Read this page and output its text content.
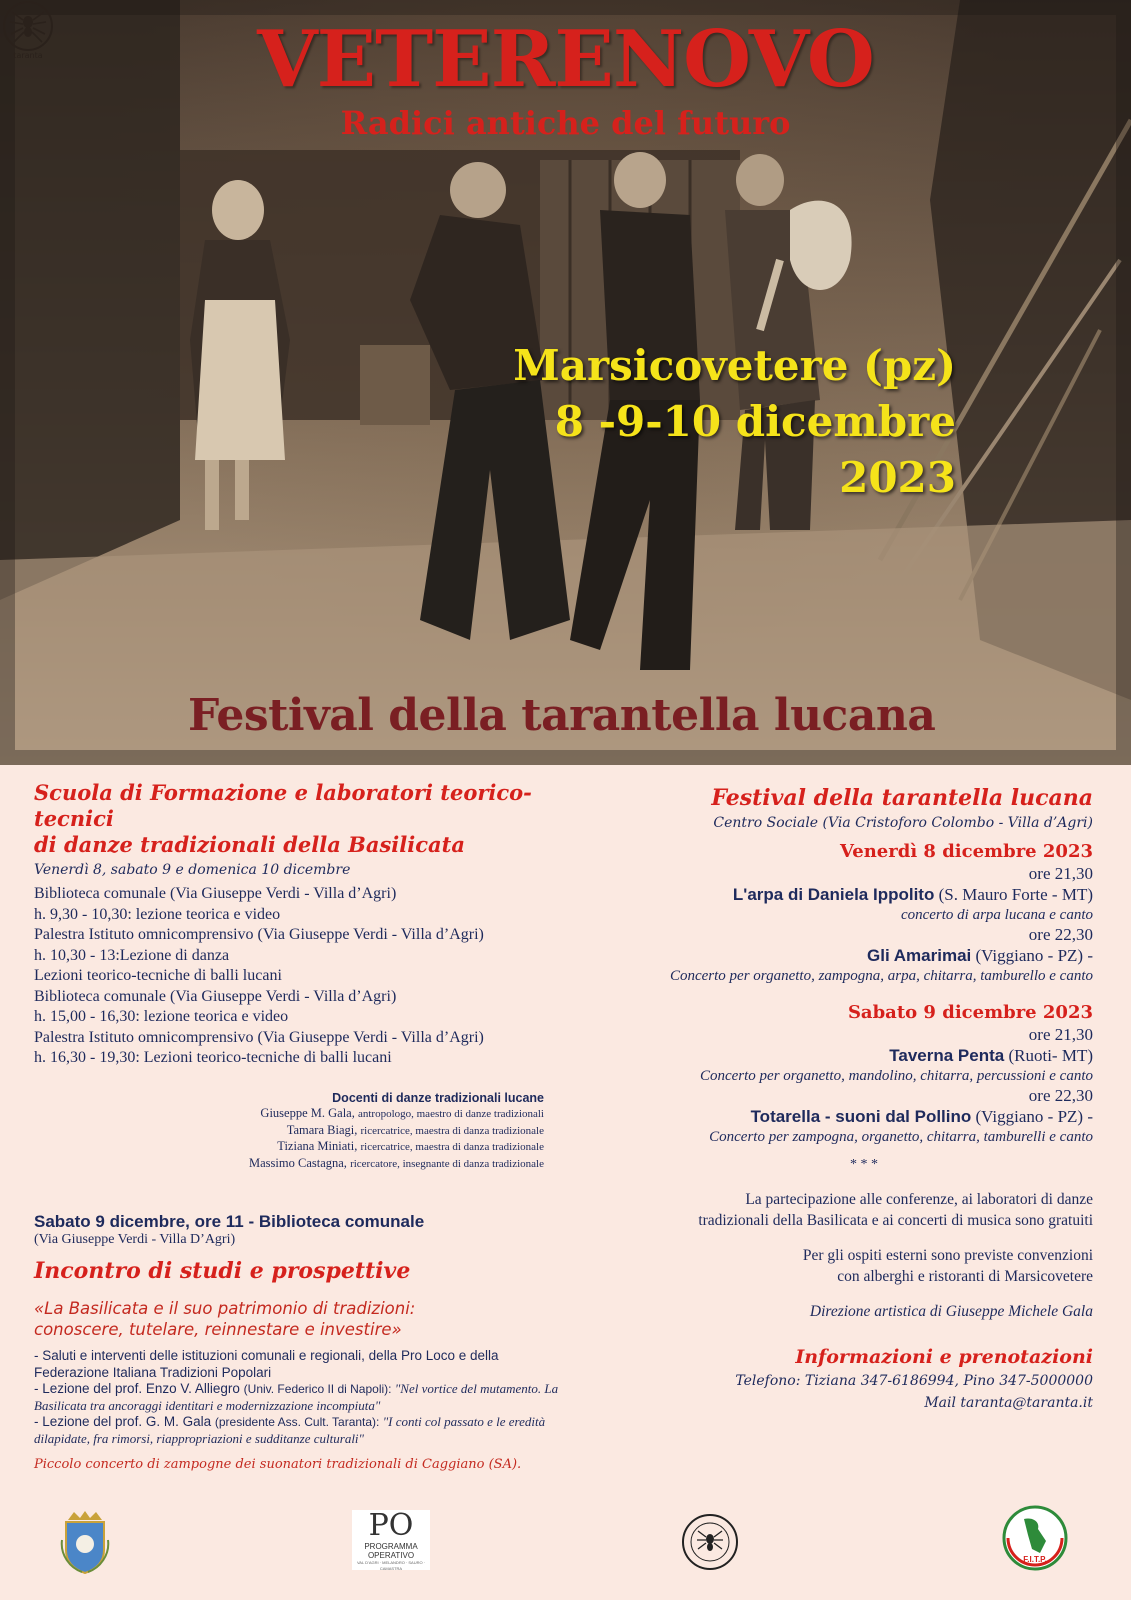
VETERENOVO
Radici antiche del futuro
Marsicovetere (pz)
8 -9-10 dicembre 2023
taranta
Festival della tarantella lucana

Scuola di Formazione e laboratori teorico-tecnici

di danze tradizionali della Basilicata

Venerdì 8, sabato 9 e domenica 10 dicembre

Biblioteca comunale (Via Giuseppe Verdi - Villa d’Agri)

h. 9,30 - 10,30: lezione teorica e video

Palestra Istituto omnicomprensivo (Via Giuseppe Verdi - Villa d’Agri)

h. 10,30 - 13:Lezione di danza

Lezioni teorico-tecniche di balli lucani

Biblioteca comunale (Via Giuseppe Verdi - Villa d’Agri)

h. 15,00 - 16,30: lezione teorica e video

Palestra Istituto omnicomprensivo (Via Giuseppe Verdi - Villa d’Agri)

h. 16,30 - 19,30: Lezioni teorico-tecniche di balli lucani

Docenti di danze tradizionali lucane
Giuseppe M. Gala, antropologo, maestro di danze tradizionali
Tamara Biagi, ricercatrice, maestra di danza tradizionale
Tiziana Miniati, ricercatrice, maestra di danza tradizionale
Massimo Castagna, ricercatore, insegnante di danza tradizionale
Sabato 9 dicembre, ore 11 - Biblioteca comunale

(Via Giuseppe Verdi - Villa D’Agri)

Incontro di studi e prospettive

«La Basilicata e il suo patrimonio di tradizioni:
conoscere, tutelare, reinnestare e investire»

- Saluti e interventi delle istituzioni comunali e regionali, della Pro Loco e della Federazione Italiana Tradizioni Popolari

- Lezione del prof. Enzo V. Alliegro (Univ. Federico II di Napoli): "Nel vortice del mutamento. La Basilicata tra ancoraggi identitari e modernizzazione incompiuta"

- Lezione del prof. G. M. Gala (presidente Ass. Cult. Taranta): "I conti col passato e le eredità dilapidate, fra rimorsi, riappropriazioni e sudditanze culturali"

Piccolo concerto di zampogne dei suonatori tradizionali di Caggiano (SA).

Festival della tarantella lucana

Centro Sociale (Via Cristoforo Colombo - Villa d’Agri)

Venerdì 8 dicembre 2023

ore 21,30

L'arpa di Daniela Ippolito (S. Mauro Forte - MT)

concerto di arpa lucana e canto

ore 22,30

Gli Amarimai (Viggiano - PZ) -

Concerto per organetto, zampogna, arpa, chitarra, tamburello e canto

Sabato 9 dicembre 2023

ore 21,30

Taverna Penta (Ruoti- MT)

Concerto per organetto, mandolino, chitarra, percussioni e canto

ore 22,30

Totarella - suoni dal Pollino (Viggiano - PZ) -

Concerto per zampogna, organetto, chitarra, tamburelli e canto

* * *

La partecipazione alle conferenze, ai laboratori di danze
tradizionali della Basilicata e ai concerti di musica sono gratuiti
Per gli ospiti esterni sono previste convenzioni
con alberghi e ristoranti di Marsicovetere

Direzione artistica di Giuseppe Michele Gala

Informazioni e prenotazioni

Telefono: Tiziana 347-6186994, Pino 347-5000000

Mail taranta@taranta.it

PO
PROGRAMMA
OPERATIVO
VAL D'AGRI · MELANDRO · SAURO · CAMASTRA
F.I.T.P.
